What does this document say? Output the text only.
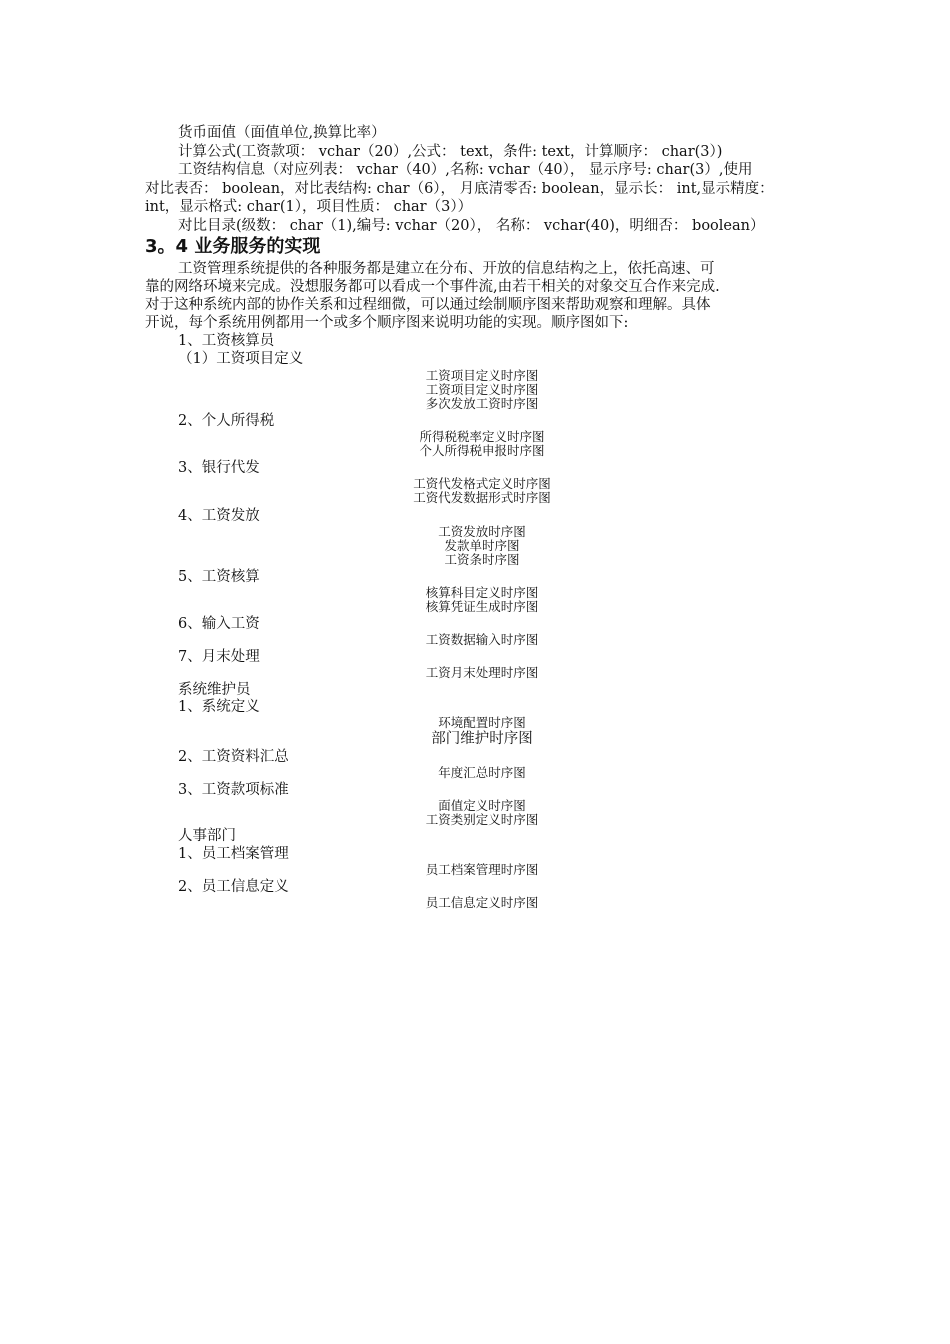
货币面值（面值单位,换算比率）
计算公式(工资款项： vchar（20）,公式： text，条件: text，计算顺序： char(3）)
工资结构信息（对应列表： vchar（40）,名称: vchar（40）， 显示序号: char(3）,使用
对比表否： boolean，对比表结构: char（6）， 月底清零否: boolean，显示长： int,显示精度：
int，显示格式: char(1），项目性质： char（3））
对比目录(级数： char（1),编号: vchar（20）， 名称： vchar(40)，明细否： boolean）
3。4 业务服务的实现
工资管理系统提供的各种服务都是建立在分布、开放的信息结构之上，依托高速、可
靠的网络环境来完成。没想服务都可以看成一个事件流,由若干相关的对象交互合作来完成.
对于这种系统内部的协作关系和过程细微，可以通过绘制顺序图来帮助观察和理解。具体
开说，每个系统用例都用一个或多个顺序图来说明功能的实现。顺序图如下:
1、工资核算员
（1）工资项目定义
工资项目定义时序图
工资项目定义时序图
多次发放工资时序图
2、个人所得税
所得税税率定义时序图
个人所得税申报时序图
3、银行代发
工资代发格式定义时序图
工资代发数据形式时序图
4、工资发放
工资发放时序图
发款单时序图
工资条时序图
5、工资核算
核算科目定义时序图
核算凭证生成时序图
6、输入工资
工资数据输入时序图
7、月末处理
工资月末处理时序图
系统维护员
1、系统定义
环境配置时序图
部门维护时序图
2、工资资料汇总
年度汇总时序图
3、工资款项标准
面值定义时序图
工资类别定义时序图
人事部门
1、员工档案管理
员工档案管理时序图
2、员工信息定义
员工信息定义时序图
